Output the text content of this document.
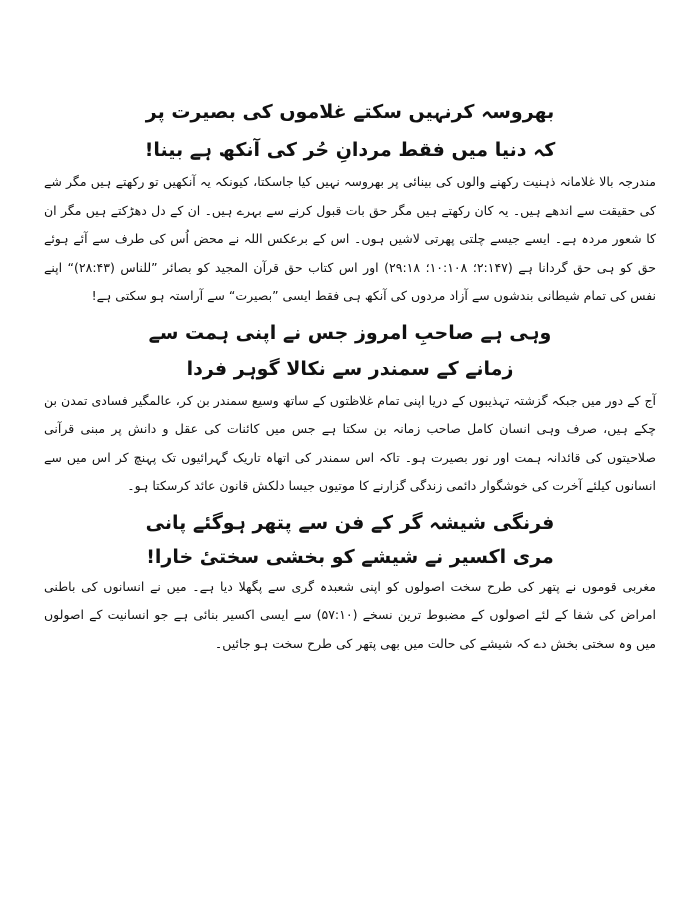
بھروسہ کرنہیں سکتے غلاموں کی بصیرت پر

کہ دنیا میں فقط مردانِ حُر کی آنکھ ہے بینا!

مندرجہ بالا غلامانہ ذہنیت رکھنے والوں کی بینائی پر بھروسہ نہیں کیا جاسکتا، کیونکہ یہ آنکھیں تو رکھتے ہیں مگر شے کی حقیقت سے اندھے ہیں۔ یہ کان رکھتے ہیں مگر حق بات قبول کرنے سے بہرے ہیں۔ ان کے دل دھڑکتے ہیں مگر ان کا شعور مردہ ہے۔ ایسے جیسے چلتی پھرتی لاشیں ہوں۔ اس کے برعکس اللہ نے محض اُس کی طرف سے آئے ہوئے حق کو ہی حق گردانا ہے (۲:۱۴۷؛ ۱۰:۱۰۸؛ ۲۹:۱۸) اور اس کتاب حق قرآن المجید کو بصائر ”للناس (۲۸:۴۳)“ اپنے نفس کی تمام شیطانی بندشوں سے آزاد مردوں کی آنکھ ہی فقط ایسی ”بصیرت“ سے آراستہ ہو سکتی ہے!

وہی ہے صاحبِ امروز جس نے اپنی ہمت سے

زمانے کے سمندر سے نکالا گوہر فردا

آج کے دور میں جبکہ گزشتہ تہذیبوں کے دریا اپنی تمام غلاظتوں کے ساتھ وسیع سمندر بن کر، عالمگیر فسادی تمدن بن چکے ہیں، صرف وہی انسان کامل صاحب زمانہ بن سکتا ہے جس میں کائنات کی عقل و دانش پر مبنی قرآنی صلاحیتوں کی قائدانہ ہمت اور نور بصیرت ہو۔ تاکہ اس سمندر کی اتھاہ تاریک گہرائیوں تک پہنچ کر اس میں سے انسانوں کیلئے آخرت کی خوشگوار دائمی زندگی گزارنے کا موتیوں جیسا دلکش قانون عائد کرسکتا ہو۔

فرنگی شیشہ گر کے فن سے پتھر ہوگئے پانی

مری اکسیر نے شیشے کو بخشی سختیٔ خارا!

مغربی قوموں نے پتھر کی طرح سخت اصولوں کو اپنی شعبدہ گری سے پگھلا دیا ہے۔ میں نے انسانوں کی باطنی امراض کی شفا کے لئے اصولوں کے مضبوط ترین نسخے (۵۷:۱۰) سے ایسی اکسیر بنائی ہے جو انسانیت کے اصولوں میں وہ سختی بخش دے کہ شیشے کی حالت میں بھی پتھر کی طرح سخت ہو جائیں۔
